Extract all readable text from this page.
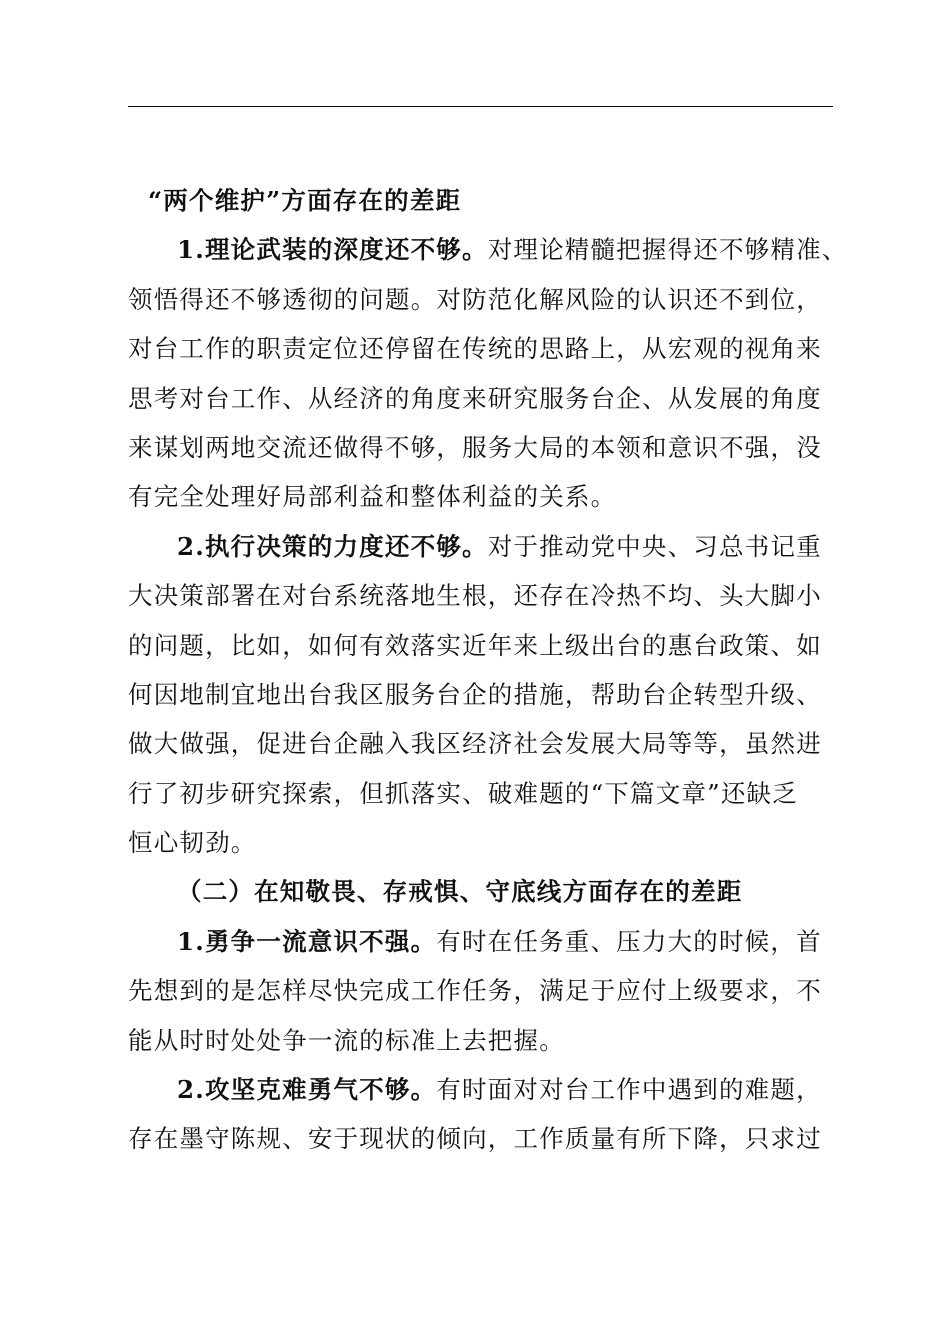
“两个维护”方面存在的差距
1.理论武装的深度还不够。对理论精髓把握得还不够精准、
领悟得还不够透彻的问题。对防范化解风险的认识还不到位，
对台工作的职责定位还停留在传统的思路上，从宏观的视角来
思考对台工作、从经济的角度来研究服务台企、从发展的角度
来谋划两地交流还做得不够，服务大局的本领和意识不强，没
有完全处理好局部利益和整体利益的关系。
2.执行决策的力度还不够。对于推动党中央、习总书记重
大决策部署在对台系统落地生根，还存在冷热不均、头大脚小
的问题，比如，如何有效落实近年来上级出台的惠台政策、如
何因地制宜地出台我区服务台企的措施，帮助台企转型升级、
做大做强，促进台企融入我区经济社会发展大局等等，虽然进
行了初步研究探索，但抓落实、破难题的“下篇文章”还缺乏
恒心韧劲。
（二）在知敬畏、存戒惧、守底线方面存在的差距
1.勇争一流意识不强。有时在任务重、压力大的时候，首
先想到的是怎样尽快完成工作任务，满足于应付上级要求，不
能从时时处处争一流的标准上去把握。
2.攻坚克难勇气不够。有时面对对台工作中遇到的难题，
存在墨守陈规、安于现状的倾向，工作质量有所下降，只求过
